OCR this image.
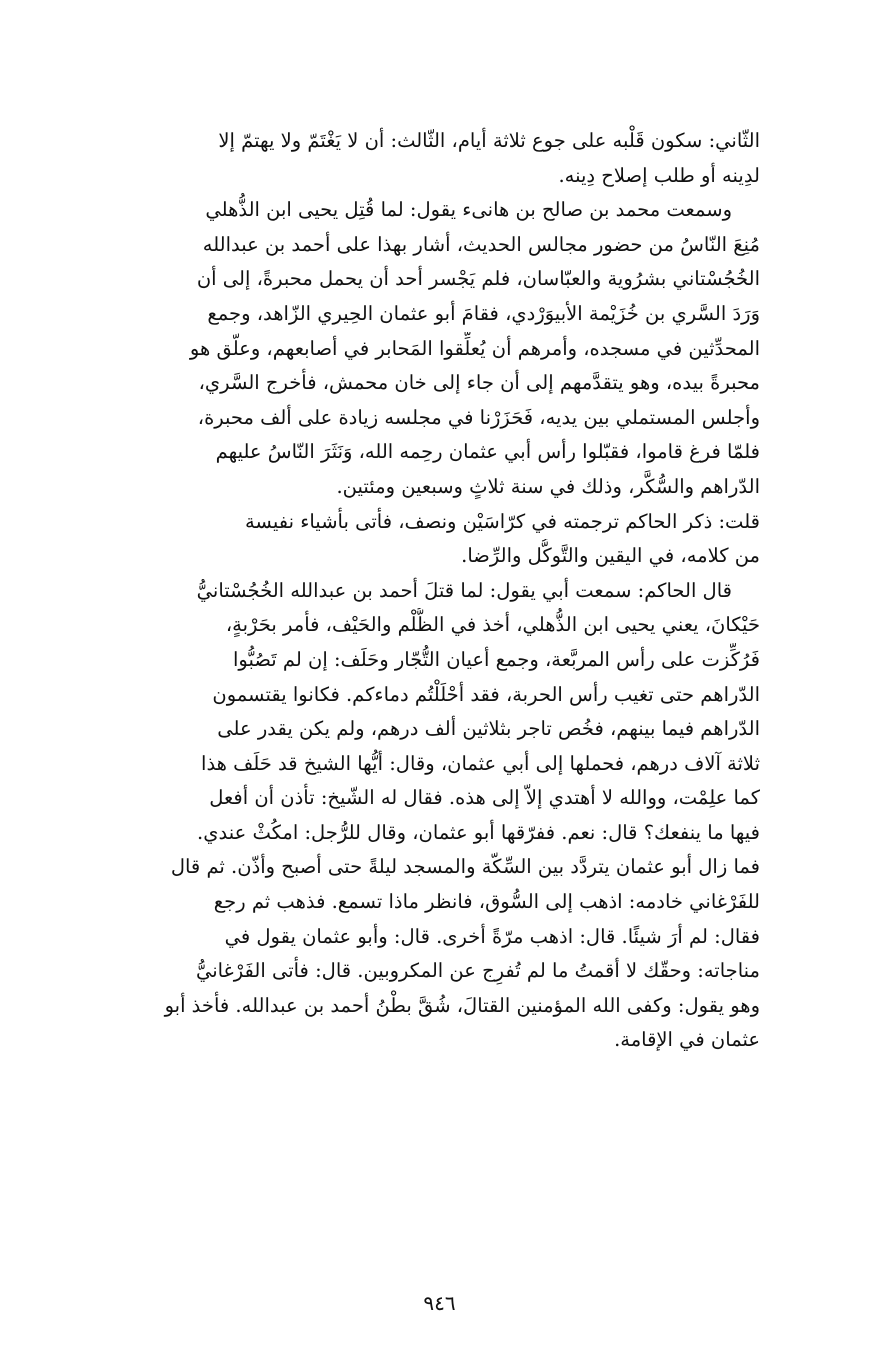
الثّاني: سكون قَلْبه على جوع ثلاثة أيام، الثّالث: أن لا يَغْتَمّ ولا يهتمّ إلا
لدِينه أو طلب إصلاح دِينه.

وسمعت محمد بن صالح بن هانىء يقول: لما قُتِل يحيى ابن الذُّهلي
مُنِعَ النّاسُ من حضور مجالس الحديث، أشار بهذا على أحمد بن عبدالله
الخُجُسْتاني بشرُوية والعبّاسان، فلم يَجْسر أحد أن يحمل محبرةً، إلى أن
وَرَدَ السَّري بن خُزَيْمة الأبيوَرْدي، فقامَ أبو عثمان الحِيري الزّاهد، وجمع
المحدِّثين في مسجده، وأمرهم أن يُعلِّقوا المَحابر في أصابعهم، وعلّق هو
محبرةً بيده، وهو يتقدَّمهم إلى أن جاء إلى خان محمش، فأخرج السَّري،
وأجلس المستملي بين يديه، فَحَزَرْنا في مجلسه زيادة على ألف محبرة،
فلمّا فرغ قاموا، فقبّلوا رأس أبي عثمان رحِمه الله، وَنَثَرَ النّاسُ عليهم
الدّراهم والسُّكَّر، وذلك في سنة ثلاثٍ وسبعين ومئتين.

قلت: ذكر الحاكم ترجمته في كرّاسَيْن ونصف، فأتى بأشياء نفيسة
من كلامه، في اليقين والتَّوكُّل والرِّضا.

قال الحاكم: سمعت أبي يقول: لما قتلَ أحمد بن عبدالله الخُجُسْتانيُّ
حَيْكانَ، يعني يحيى ابن الذُّهلي، أخذ في الظُّلْم والحَيْف، فأمر بحَرْبةٍ،
فَرُكِّزت على رأس المربَّعة، وجمع أعيان التُّجّار وحَلَف: إن لم تَصُبُّوا
الدّراهم حتى تغيب رأس الحربة، فقد أحْلَلْتُم دماءكم. فكانوا يقتسمون
الدّراهم فيما بينهم، فخُص تاجر بثلاثين ألف درهم، ولم يكن يقدر على
ثلاثة آلاف درهم، فحملها إلى أبي عثمان، وقال: أيُّها الشيخ قد حَلَف هذا
كما علِمْت، ووالله لا أهتدي إلاّ إلى هذه. فقال له الشّيخ: تأذن أن أفعل
فيها ما ينفعك؟ قال: نعم. ففرّقها أبو عثمان، وقال للرُّجل: امكُثْ عندي.
فما زال أبو عثمان يتردَّد بين السِّكّة والمسجد ليلةً حتى أصبح وأذّن. ثم قال
للفَرْغاني خادمه: اذهب إلى السُّوق، فانظر ماذا تسمع. فذهب ثم رجع
فقال: لم أرَ شيئًا. قال: اذهب مرّةً أخرى. قال: وأبو عثمان يقول في
مناجاته: وحقّك لا أقمتُ ما لم تُفرِج عن المكروبين. قال: فأتى الفَرْغانيُّ
وهو يقول: وكفى الله المؤمنين القتالَ، شُقَّ بطْنُ أحمد بن عبدالله. فأخذ أبو
عثمان في الإقامة.

٩٤٦
